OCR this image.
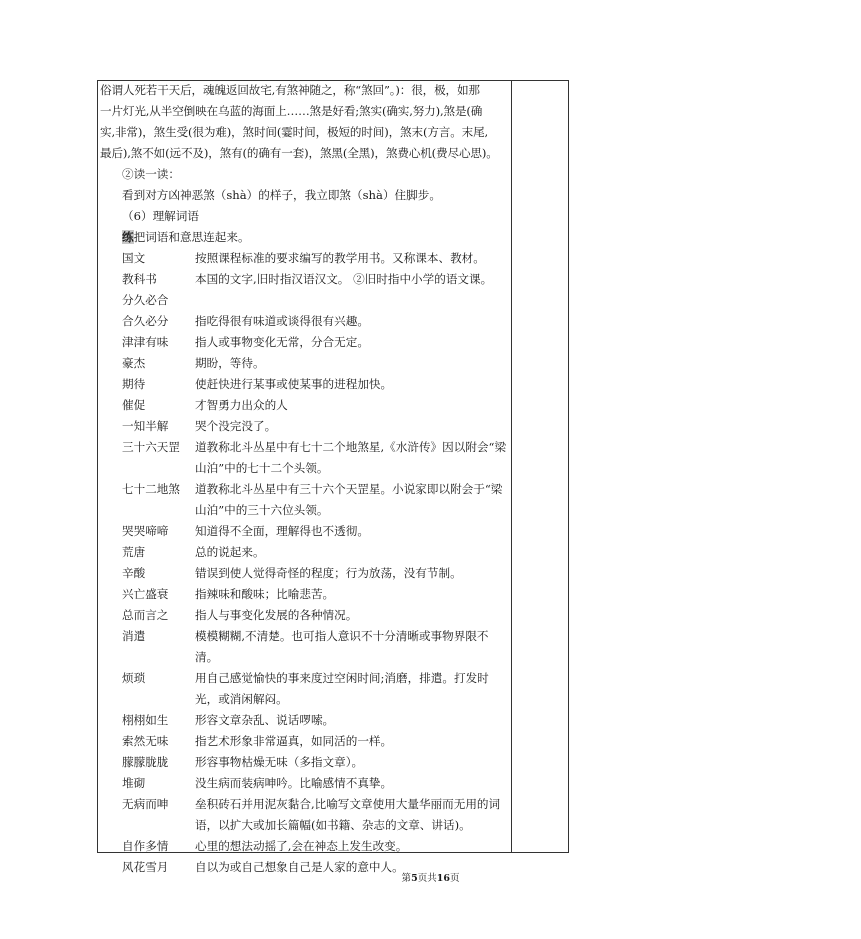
俗谓人死若干天后，魂魄返回故宅,有煞神随之，称“煞回”。)：很，极，如那
一片灯光,从半空倒映在乌蓝的海面上……煞是好看;煞实(确实,努力),煞是(确
实,非常)，煞生受(很为难)，煞时间(霎时间，极短的时间)，煞末(方言。末尾,
最后),煞不如(远不及)，煞有(的确有一套)，煞黑(全黑)，煞费心机(费尽心思)。
②读一读：
看到对方凶神恶煞（shà）的样子，我立即煞（shà）住脚步。
（6）理解词语
练把词语和意思连起来。
国文	按照课程标准的要求编写的教学用书。又称课本、教材。
教科书	本国的文字,旧时指汉语汉文。 ②旧时指中小学的语文课。
分久必合
合久必分	指吃得很有味道或谈得很有兴趣。
津津有味	指人或事物变化无常，分合无定。
豪杰	期盼，等待。
期待	使赶快进行某事或使某事的进程加快。
催促	才智勇力出众的人
一知半解	哭个没完没了。
三十六天罡	道教称北斗丛星中有七十二个地煞星,《水浒传》因以附会“梁山泊”中的七十二个头领。
七十二地煞	道教称北斗丛星中有三十六个天罡星。小说家即以附会于“梁山泊”中的三十六位头领。
哭哭啼啼	知道得不全面，理解得也不透彻。
荒唐	总的说起来。
辛酸	错误到使人觉得奇怪的程度；行为放荡，没有节制。
兴亡盛衰	指辣味和酸味；比喻悲苦。
总而言之	指人与事变化发展的各种情况。
消遣	模模糊糊,不清楚。也可指人意识不十分清晰或事物界限不清。
烦琐	用自己感觉愉快的事来度过空闲时间;消磨，排遣。打发时光，或消闲解闷。
栩栩如生	形容文章杂乱、说话啰嗦。
索然无味	指艺术形象非常逼真，如同活的一样。
朦朦胧胧	形容事物枯燥无味（多指文章）。
堆砌	没生病而装病呻吟。比喻感情不真挚。
无病而呻	垒积砖石并用泥灰黏合,比喻写文章使用大量华丽而无用的词语，以扩大或加长篇幅(如书籍、杂志的文章、讲话)。
自作多情	心里的想法动摇了,会在神态上发生改变。
风花雪月	自以为或自己想象自己是人家的意中人。
第5页共16页
